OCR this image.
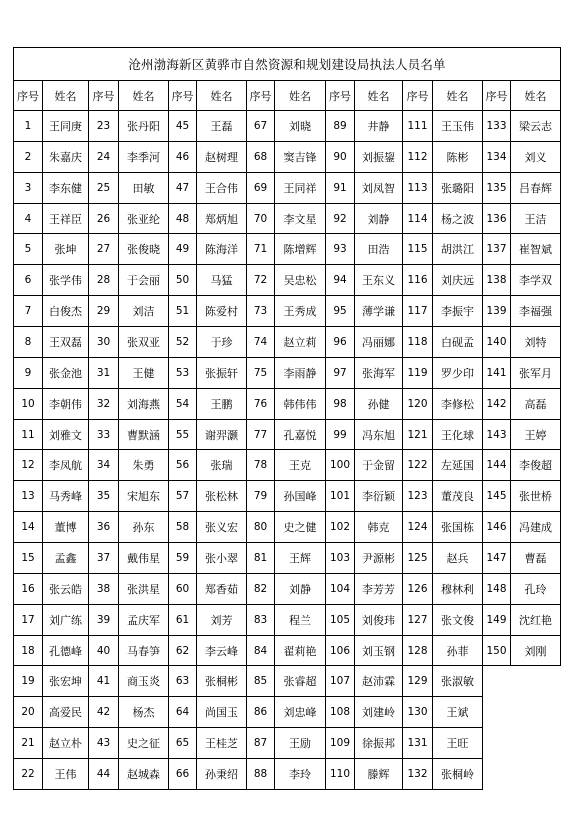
沧州渤海新区黄骅市自然资源和规划建设局执法人员名单													
序号	姓名	序号	姓名	序号	姓名	序号	姓名	序号	姓名	序号	姓名	序号	姓名
1	王同庚	23	张丹阳	45	王磊	67	刘晓	89	井静	111	王玉伟	133	梁云志
2	朱嘉庆	24	李季河	46	赵树理	68	窦吉锋	90	刘振鋆	112	陈彬	134	刘义
3	李东健	25	田敏	47	王合伟	69	王同祥	91	刘凤智	113	张璐阳	135	吕春辉
4	王祥臣	26	张亚纶	48	郑炳旭	70	李文星	92	刘静	114	杨之波	136	王洁
5	张坤	27	张俊晓	49	陈海洋	71	陈增辉	93	田浩	115	胡洪江	137	崔智斌
6	张学伟	28	于会丽	50	马猛	72	吴忠松	94	王东义	116	刘庆远	138	李学双
7	白俊杰	29	刘洁	51	陈爱村	73	王秀成	95	薄学谦	117	李振宇	139	李福强
8	王双磊	30	张双亚	52	于珍	74	赵立莉	96	冯丽娜	118	白砚孟	140	刘特
9	张金池	31	王健	53	张振轩	75	李雨静	97	张海军	119	罗少印	141	张军月
10	李朝伟	32	刘海燕	54	王鹏	76	韩伟伟	98	孙健	120	李修松	142	高磊
11	刘雅文	33	曹默涵	55	谢羿灏	77	孔嘉悦	99	冯东旭	121	王化球	143	王婷
12	李凤航	34	朱勇	56	张瑞	78	王克	100	于金留	122	左延国	144	李俊超
13	马秀峰	35	宋旭东	57	张松林	79	孙国峰	101	李衍颖	123	董茂良	145	张世桥
14	董博	36	孙东	58	张义宏	80	史之健	102	韩克	124	张国栋	146	冯建成
15	孟鑫	37	戴伟星	59	张小翠	81	王辉	103	尹源彬	125	赵兵	147	曹磊
16	张云皓	38	张洪星	60	郑香茹	82	刘静	104	李芳芳	126	穆林利	148	孔玲
17	刘广练	39	孟庆军	61	刘芳	83	程兰	105	刘俊玮	127	张文俊	149	沈红艳
18	孔德峰	40	马春笋	62	李云峰	84	翟莉艳	106	刘玉钢	128	孙菲	150	刘刚
19	张宏坤	41	商玉炎	63	张桐彬	85	张睿超	107	赵沛霖	129	张淑敏		
20	高爱民	42	杨杰	64	尚国玉	86	刘忠峰	108	刘建岭	130	王斌		
21	赵立朴	43	史之征	65	王桂芝	87	王励	109	徐振邦	131	王旺		
22	王伟	44	赵城森	66	孙秉绍	88	李玲	110	滕辉	132	张桐岭		
